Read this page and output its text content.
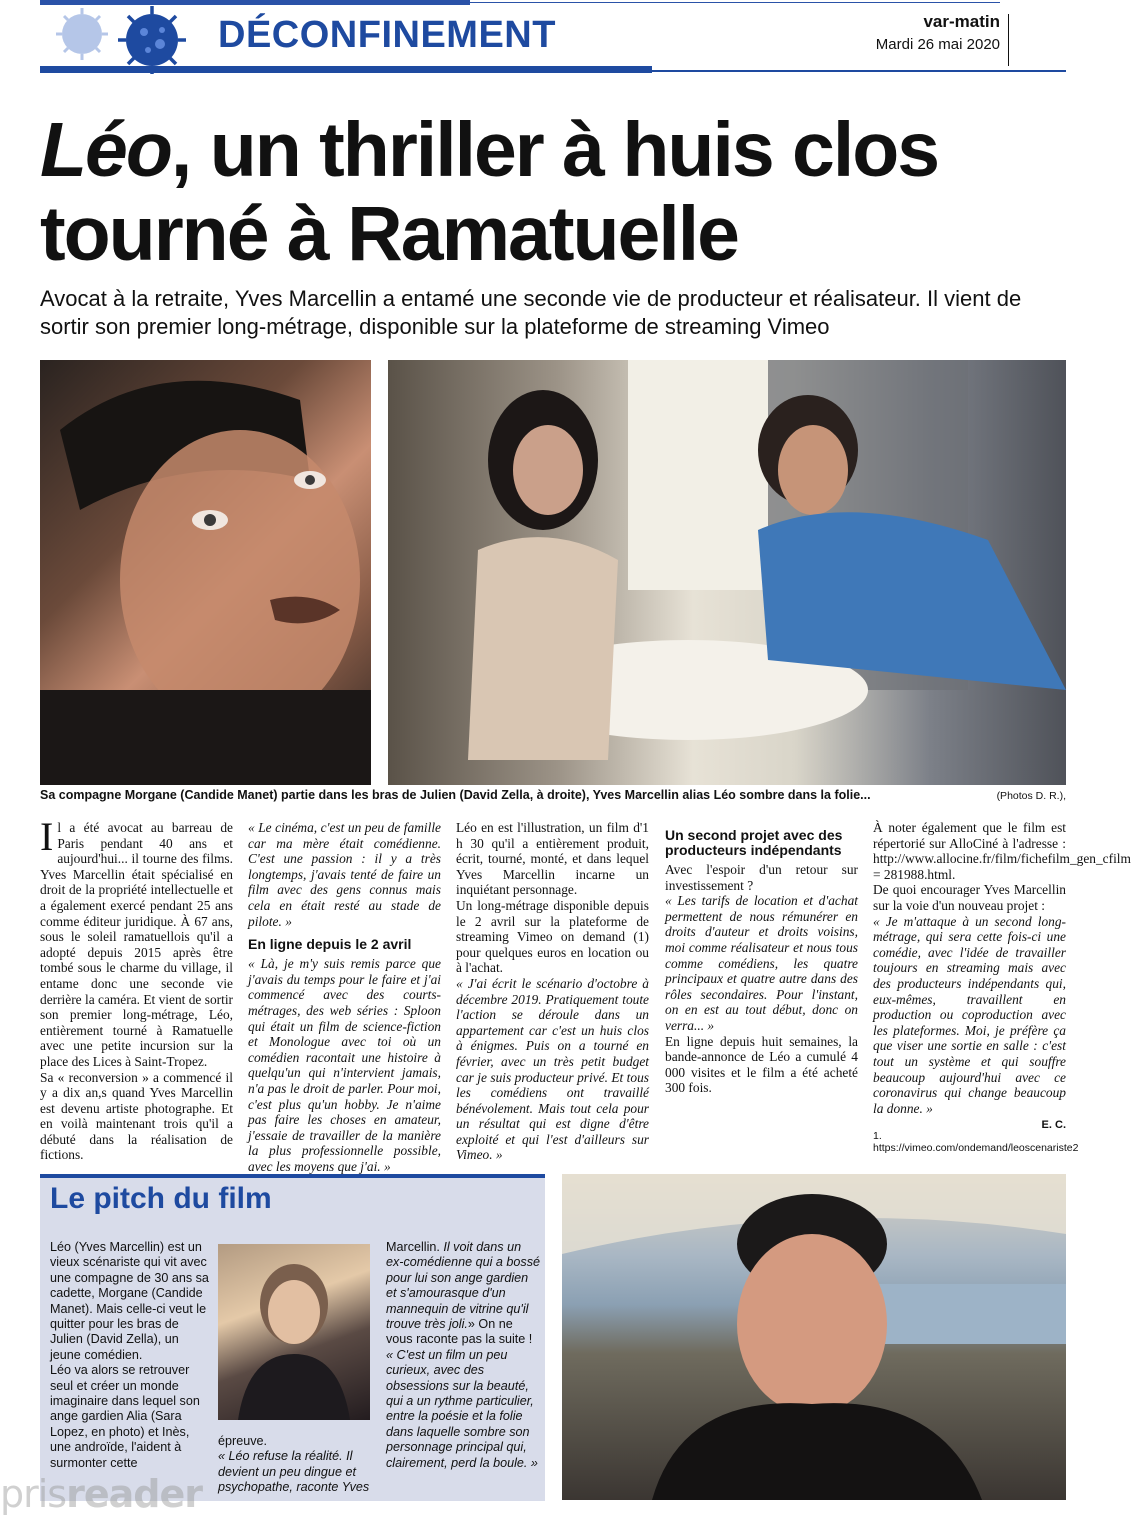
DÉCONFINEMENT	var-matin
Mardi 26 mai 2020
Léo, un thriller à huis clos tourné à Ramatuelle
Avocat à la retraite, Yves Marcellin a entamé une seconde vie de producteur et réalisateur. Il vient de sortir son premier long-métrage, disponible sur la plateforme de streaming Vimeo
Sa compagne Morgane (Candide Manet) partie dans les bras de Julien (David Zella, à droite), Yves Marcellin alias Léo sombre dans la folie...	(Photos D. R.),

Il a été avocat au barreau de Paris pendant 40 ans et aujourd'hui... il tourne des films. Yves Marcellin était spécialisé en droit de la propriété intellectuelle et a également exercé pendant 25 ans comme éditeur juridique. À 67 ans, sous le soleil ramatuellois qu'il a adopté depuis 2015 après être tombé sous le charme du village, il entame donc une seconde vie derrière la caméra. Et vient de sortir son premier long-métrage, Léo, entièrement tourné à Ramatuelle avec une petite incursion sur la place des Lices à Saint-Tropez.

Sa « reconversion » a commencé il y a dix an,s quand Yves Marcellin est devenu artiste photographe. Et en voilà maintenant trois qu'il a débuté dans la réalisation de fictions.

« Le cinéma, c'est un peu de famille car ma mère était comédienne. C'est une passion : il y a très longtemps, j'avais tenté de faire un film avec des gens connus mais cela en était resté au stade de pilote. »

En ligne depuis le 2 avril

« Là, je m'y suis remis parce que j'avais du temps pour le faire et j'ai commencé avec des courts-métrages, des web séries : Sploon qui était un film de science-fiction et Monologue avec toi où un comédien racontait une histoire à quelqu'un qui n'intervient jamais, n'a pas le droit de parler. Pour moi, c'est plus qu'un hobby. Je n'aime pas faire les choses en amateur, j'essaie de travailler de la manière la plus professionnelle possible, avec les moyens que j'ai. »

Léo en est l'illustration, un film d'1 h 30 qu'il a entièrement produit, écrit, tourné, monté, et dans lequel Yves Marcellin incarne un inquiétant personnage.

Un long-métrage disponible depuis le 2 avril sur la plateforme de streaming Vimeo on demand (1) pour quelques euros en location ou à l'achat.

« J'ai écrit le scénario d'octobre à décembre 2019. Pratiquement toute l'action se déroule dans un appartement car c'est un huis clos à énigmes. Puis on a tourné en février, avec un très petit budget car je suis producteur privé. Et tous les comédiens ont travaillé bénévolement. Mais tout cela pour un résultat qui est digne d'être exploité et qui l'est d'ailleurs sur Vimeo. »

Un second projet avec des producteurs indépendants

Avec l'espoir d'un retour sur investissement ?

« Les tarifs de location et d'achat permettent de nous rémunérer en droits d'auteur et droits voisins, moi comme réalisateur et nous tous comme comédiens, les quatre principaux et quatre autre dans des rôles secondaires. Pour l'instant, on en est au tout début, donc on verra... »

En ligne depuis huit semaines, la bande-annonce de Léo a cumulé 4 000 visites et le film a été acheté 300 fois.

À noter également que le film est répertorié sur AlloCiné à l'adresse : http://www.allocine.fr/film/fichefilm_gen_cfilm = 281988.html.

De quoi encourager Yves Marcellin sur la voie d'un nouveau projet :

« Je m'attaque à un second long-métrage, qui sera cette fois-ci une comédie, avec l'idée de travailler toujours en streaming mais avec des producteurs indépendants qui, eux-mêmes, travaillent en production ou coproduction avec les plateformes. Moi, je préfère ça que viser une sortie en salle : c'est tout un système et qui souffre beaucoup aujourd'hui avec ce coronavirus qui change beaucoup la donne. »

E. C.
1. https://vimeo.com/ondemand/leoscenariste2
Le pitch du film

Léo (Yves Marcellin) est un vieux scénariste qui vit avec une compagne de 30 ans sa cadette, Morgane (Candide Manet). Mais celle-ci veut le quitter pour les bras de Julien (David Zella), un jeune comédien.

Léo va alors se retrouver seul et créer un monde imaginaire dans lequel son ange gardien Alia (Sara Lopez, en photo) et Inès, une androïde, l'aident à surmonter cette

épreuve.

« Léo refuse la réalité. Il devient un peu dingue et psychopathe, raconte Yves

Marcellin. Il voit dans un ex-comédienne qui a bossé pour lui son ange gardien et s'amourasque d'un mannequin de vitrine qu'il trouve très joli.» On ne vous raconte pas la suite !

« C'est un film un peu curieux, avec des obsessions sur la beauté, qui a un rythme particulier, entre la poésie et la folie dans laquelle sombre son personnage principal qui, clairement, perd la boule. »

prisreader
